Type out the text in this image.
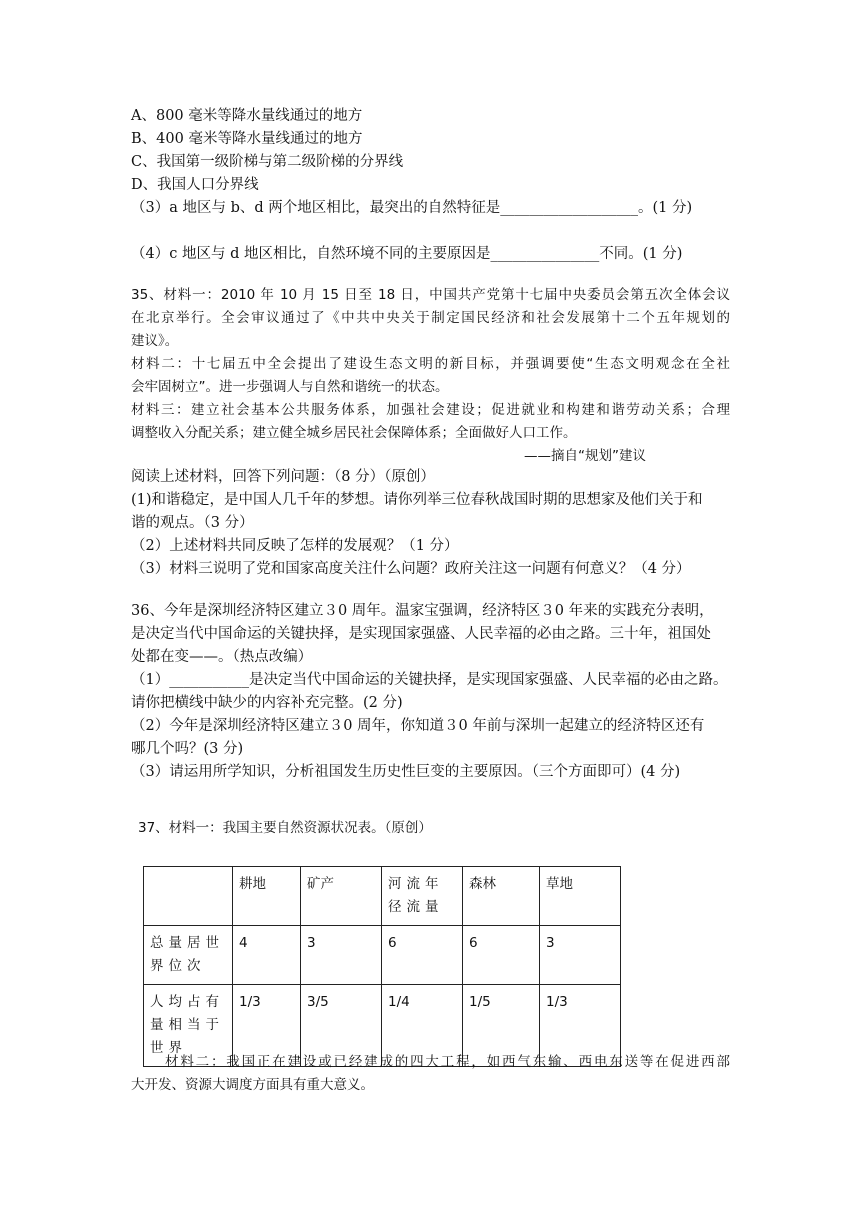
A、800 毫米等降水量线通过的地方
B、400 毫米等降水量线通过的地方
C、我国第一级阶梯与第二级阶梯的分界线
D、我国人口分界线
（3）a 地区与 b、d 两个地区相比，最突出的自然特征是___________________。(1 分)
（4）c 地区与 d 地区相比，自然环境不同的主要原因是_______________不同。(1 分)
35、材料一：2010 年 10 月 15 日至 18 日，中国共产党第十七届中央委员会第五次全体会议
在北京举行。全会审议通过了《中共中央关于制定国民经济和社会发展第十二个五年规划的
建议》。
材料二：十七届五中全会提出了建设生态文明的新目标，并强调要使“生态文明观念在全社
会牢固树立”。进一步强调人与自然和谐统一的状态。
材料三：建立社会基本公共服务体系，加强社会建设；促进就业和构建和谐劳动关系；合理
调整收入分配关系；建立健全城乡居民社会保障体系；全面做好人口工作。
——摘自“规划”建议
阅读上述材料，回答下列问题：（8 分）（原创）
(1)和谐稳定，是中国人几千年的梦想。请你列举三位春秋战国时期的思想家及他们关于和
谐的观点。（3 分）
（2）上述材料共同反映了怎样的发展观？（1 分）
（3）材料三说明了党和国家高度关注什么问题？政府关注这一问题有何意义？（4 分）
36、今年是深圳经济特区建立３0 周年。温家宝强调，经济特区３0 年来的实践充分表明，
是决定当代中国命运的关键抉择，是实现国家强盛、人民幸福的必由之路。三十年，祖国处
处都在变——。（热点改编）
（1）___________是决定当代中国命运的关键抉择，是实现国家强盛、人民幸福的必由之路。
请你把横线中缺少的内容补充完整。(2 分)
（2）今年是深圳经济特区建立３0 周年，你知道３0 年前与深圳一起建立的经济特区还有
哪几个吗？(3 分)
（3）请运用所学知识，分析祖国发生历史性巨变的主要原因。（三个方面即可）(4 分)
37、材料一：我国主要自然资源状况表。（原创）
	耕地	矿产	河流年径流量	森林	草地
总量居世界位次	4	3	6	6	3
人均占有量相当于世界	1/3	3/5	1/4	1/5	1/3
材料二：我国正在建设或已经建成的四大工程，如西气东输、西电东送等在促进西部
大开发、资源大调度方面具有重大意义。
